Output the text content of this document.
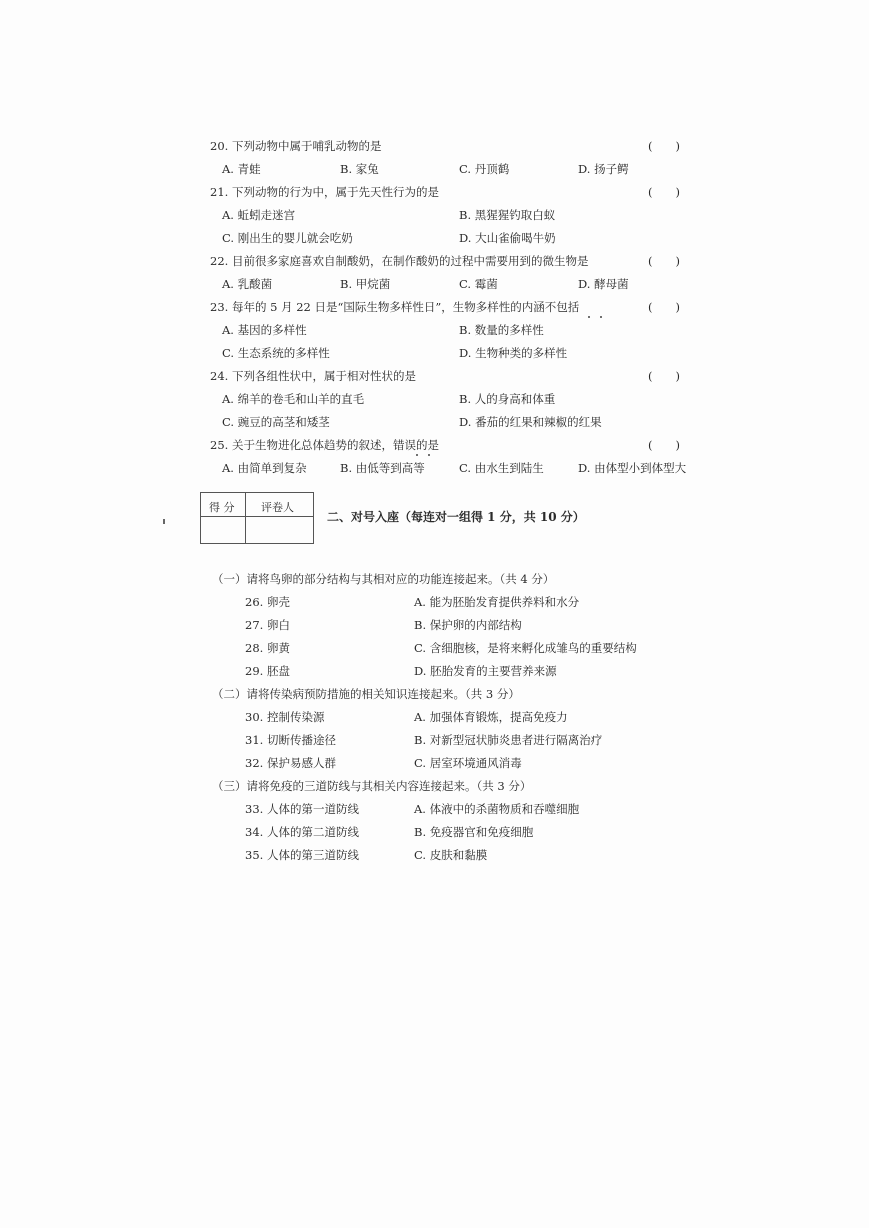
20. 下列动物中属于哺乳动物的是	(　　)
A. 青蛙	B. 家兔	C. 丹顶鹤	D. 扬子鳄
21. 下列动物的行为中，属于先天性行为的是	(　　)
A. 蚯蚓走迷宫	B. 黑猩猩钓取白蚁
C. 刚出生的婴儿就会吃奶	D. 大山雀偷喝牛奶
22. 目前很多家庭喜欢自制酸奶，在制作酸奶的过程中需要用到的微生物是	(　　)
A. 乳酸菌	B. 甲烷菌	C. 霉菌	D. 酵母菌
23. 每年的 5 月 22 日是“国际生物多样性日”，生物多样性的内涵不包括	(　　)
A. 基因的多样性	B. 数量的多样性
C. 生态系统的多样性	D. 生物种类的多样性
24. 下列各组性状中，属于相对性状的是	(　　)
A. 绵羊的卷毛和山羊的直毛	B. 人的身高和体重
C. 豌豆的高茎和矮茎	D. 番茄的红果和辣椒的红果
25. 关于生物进化总体趋势的叙述，错误的是	(　　)
A. 由简单到复杂	B. 由低等到高等	C. 由水生到陆生	D. 由体型小到体型大
得 分 评卷人
二、对号入座（每连对一组得 1 分，共 10 分）
（一）请将鸟卵的部分结构与其相对应的功能连接起来。（共 4 分）
26. 卵壳	A. 能为胚胎发育提供养料和水分
27. 卵白	B. 保护卵的内部结构
28. 卵黄	C. 含细胞核，是将来孵化成雏鸟的重要结构
29. 胚盘	D. 胚胎发育的主要营养来源
（二）请将传染病预防措施的相关知识连接起来。（共 3 分）
30. 控制传染源	A. 加强体育锻炼，提高免疫力
31. 切断传播途径	B. 对新型冠状肺炎患者进行隔离治疗
32. 保护易感人群	C. 居室环境通风消毒
（三）请将免疫的三道防线与其相关内容连接起来。（共 3 分）
33. 人体的第一道防线	A. 体液中的杀菌物质和吞噬细胞
34. 人体的第二道防线	B. 免疫器官和免疫细胞
35. 人体的第三道防线	C. 皮肤和黏膜
